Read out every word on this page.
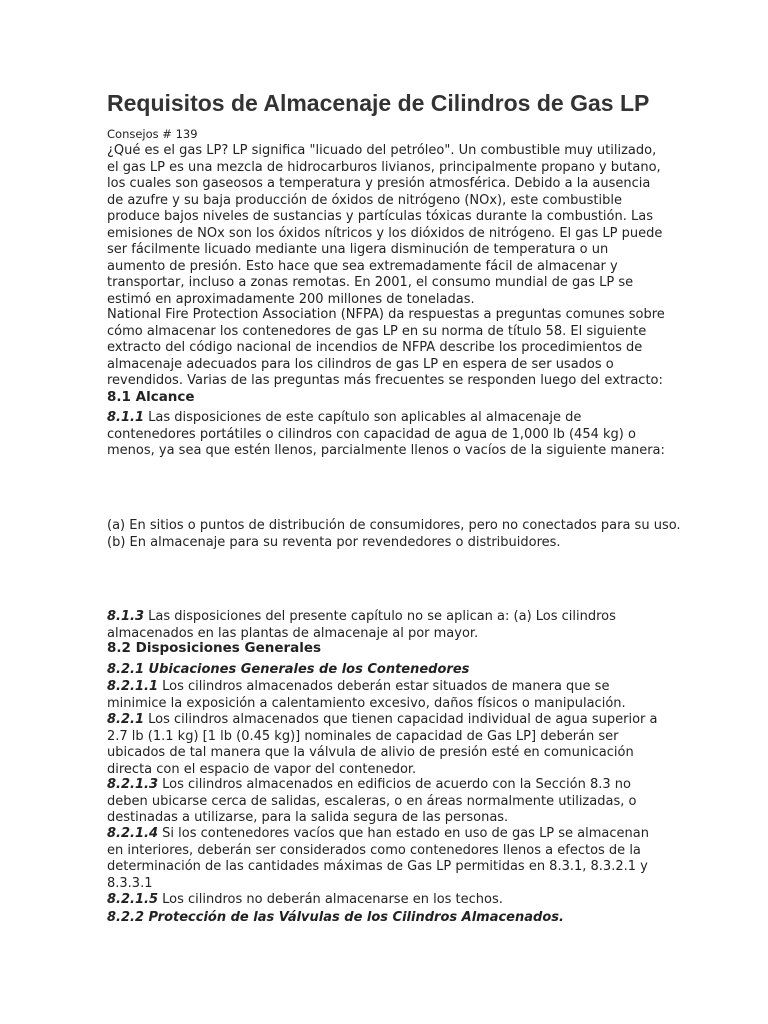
Requisitos de Almacenaje de Cilindros de Gas LP
Consejos # 139

¿Qué es el gas LP? LP significa "licuado del petróleo". Un combustible muy utilizado, el gas LP es una mezcla de hidrocarburos livianos, principalmente propano y butano, los cuales son gaseosos a temperatura y presión atmosférica. Debido a la ausencia de azufre y su baja producción de óxidos de nitrógeno (NOx), este combustible produce bajos niveles de sustancias y partículas tóxicas durante la combustión. Las emisiones de NOx son los óxidos nítricos y los dióxidos de nitrógeno. El gas LP puede ser fácilmente licuado mediante una ligera disminución de temperatura o un aumento de presión. Esto hace que sea extremadamente fácil de almacenar y transportar, incluso a zonas remotas. En 2001, el consumo mundial de gas LP se estimó en aproximadamente 200 millones de toneladas.

National Fire Protection Association (NFPA) da respuestas a preguntas comunes sobre cómo almacenar los contenedores de gas LP en su norma de título 58. El siguiente extracto del código nacional de incendios de NFPA describe los procedimientos de almacenaje adecuados para los cilindros de gas LP en espera de ser usados o revendidos. Varias de las preguntas más frecuentes se responden luego del extracto:

8.1 Alcance

8.1.1 Las disposiciones de este capítulo son aplicables al almacenaje de contenedores portátiles o cilindros con capacidad de agua de 1,000 lb (454 kg) o menos, ya sea que estén llenos, parcialmente llenos o vacíos de la siguiente manera:

(a) En sitios o puntos de distribución de consumidores, pero no conectados para su uso.

(b) En almacenaje para su reventa por revendedores o distribuidores.

8.1.3 Las disposiciones del presente capítulo no se aplican a: (a) Los cilindros almacenados en las plantas de almacenaje al por mayor.

8.2 Disposiciones Generales
8.2.1 Ubicaciones Generales de los Contenedores

8.2.1.1 Los cilindros almacenados deberán estar situados de manera que se minimice la exposición a calentamiento excesivo, daños físicos o manipulación.

8.2.1 Los cilindros almacenados que tienen capacidad individual de agua superior a 2.7 lb (1.1 kg) [1 lb (0.45 kg)] nominales de capacidad de Gas LP] deberán ser ubicados de tal manera que la válvula de alivio de presión esté en comunicación directa con el espacio de vapor del contenedor.

8.2.1.3 Los cilindros almacenados en edificios de acuerdo con la Sección 8.3 no deben ubicarse cerca de salidas, escaleras, o en áreas normalmente utilizadas, o destinadas a utilizarse, para la salida segura de las personas.

8.2.1.4 Si los contenedores vacíos que han estado en uso de gas LP se almacenan en interiores, deberán ser considerados como contenedores llenos a efectos de la determinación de las cantidades máximas de Gas LP permitidas en 8.3.1, 8.3.2.1 y 8.3.3.1

8.2.1.5 Los cilindros no deberán almacenarse en los techos.

8.2.2 Protección de las Válvulas de los Cilindros Almacenados.
